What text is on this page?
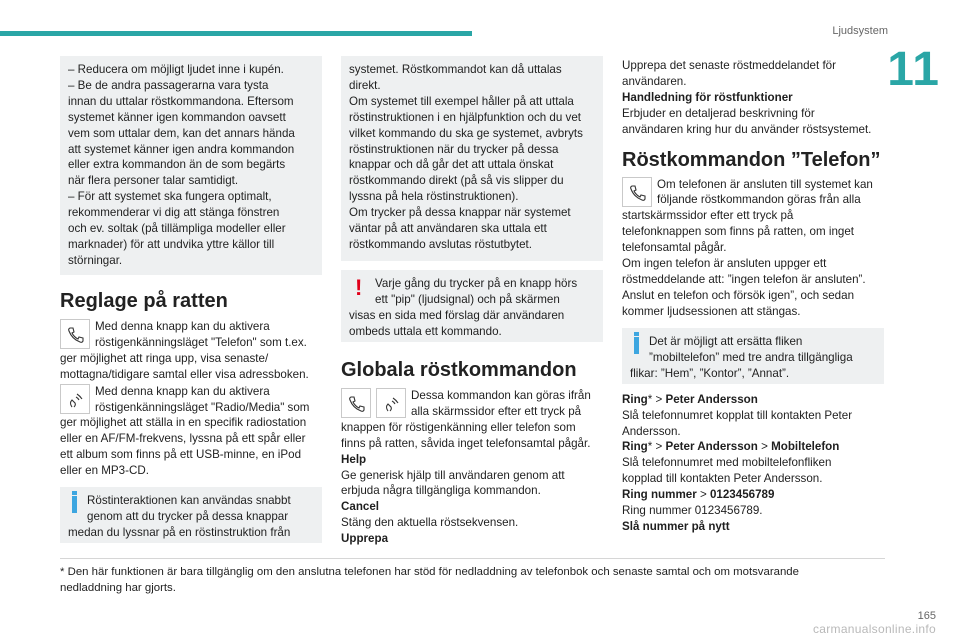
Ljudsystem
11
– Reducera om möjligt ljudet inne i kupén.
– Be de andra passagerarna vara tysta
innan du uttalar röstkommandona. Eftersom
systemet känner igen kommandon oavsett
vem som uttalar dem, kan det annars hända
att systemet känner igen andra kommandon
eller extra kommandon än de som begärts
när flera personer talar samtidigt.
– För att systemet ska fungera optimalt,
rekommenderar vi dig att stänga fönstren
och ev. soltak (på tillämpliga modeller eller
marknader) för att undvika yttre källor till
störningar.
Reglage på ratten
Med denna knapp kan du aktivera
röstigenkänningsläget "Telefon" som t.ex.
ger möjlighet att ringa upp, visa senaste/
mottagna/tidigare samtal eller visa adressboken.
Med denna knapp kan du aktivera
röstigenkänningsläget "Radio/Media" som
ger möjlighet att ställa in en specifik radiostation
eller en AF/FM-frekvens, lyssna på ett spår eller
ett album som finns på ett USB-minne, en iPod
eller en MP3-CD.
Röstinteraktionen kan användas snabbt
genom att du trycker på dessa knappar
medan du lyssnar på en röstinstruktion från
systemet. Röstkommandot kan då uttalas
direkt.
Om systemet till exempel håller på att uttala
röstinstruktionen i en hjälpfunktion och du vet
vilket kommando du ska ge systemet, avbryts
röstinstruktionen när du trycker på dessa
knappar och då går det att uttala önskat
röstkommando direkt (på så vis slipper du
lyssna på hela röstinstruktionen).
Om trycker på dessa knappar när systemet
väntar på att användaren ska uttala ett
röstkommando avslutas röstutbytet.
!	Varje gång du trycker på en knapp hörs
ett "pip" (ljudsignal) och på skärmen
visas en sida med förslag där användaren
ombeds uttala ett kommando.
Globala röstkommandon
Dessa kommandon kan göras ifrån
alla skärmssidor efter ett tryck på
knappen för röstigenkänning eller telefon som
finns på ratten, såvida inget telefonsamtal pågår.
Help
Ge generisk hjälp till användaren genom att
erbjuda några tillgängliga kommandon.
Cancel
Stäng den aktuella röstsekvensen.
Upprepa
Upprepa det senaste röstmeddelandet för
användaren.
Handledning för röstfunktioner
Erbjuder en detaljerad beskrivning för
användaren kring hur du använder röstsystemet.
Röstkommandon ”Telefon”
Om telefonen är ansluten till systemet kan
följande röstkommandon göras från alla
startskärmssidor efter ett tryck på
telefonknappen som finns på ratten, om inget
telefonsamtal pågår.
Om ingen telefon är ansluten uppger ett
röstmeddelande att: ”ingen telefon är ansluten”.
Anslut en telefon och försök igen”, och sedan
kommer ljudsessionen att stängas.
Det är möjligt att ersätta fliken
”mobiltelefon” med tre andra tillgängliga
flikar: ”Hem”, ”Kontor”, ”Annat”.
Ring* > Peter Andersson
Slå telefonnumret kopplat till kontakten Peter
Andersson.
Ring* > Peter Andersson > Mobiltelefon
Slå telefonnumret med mobiltelefonfliken
kopplad till kontakten Peter Andersson.
Ring nummer > 0123456789
Ring nummer 0123456789.
Slå nummer på nytt
* Den här funktionen är bara tillgänglig om den anslutna telefonen har stöd för nedladdning av telefonbok och senaste samtal och om motsvarande
nedladdning har gjorts.
165
carmanualsonline.info
